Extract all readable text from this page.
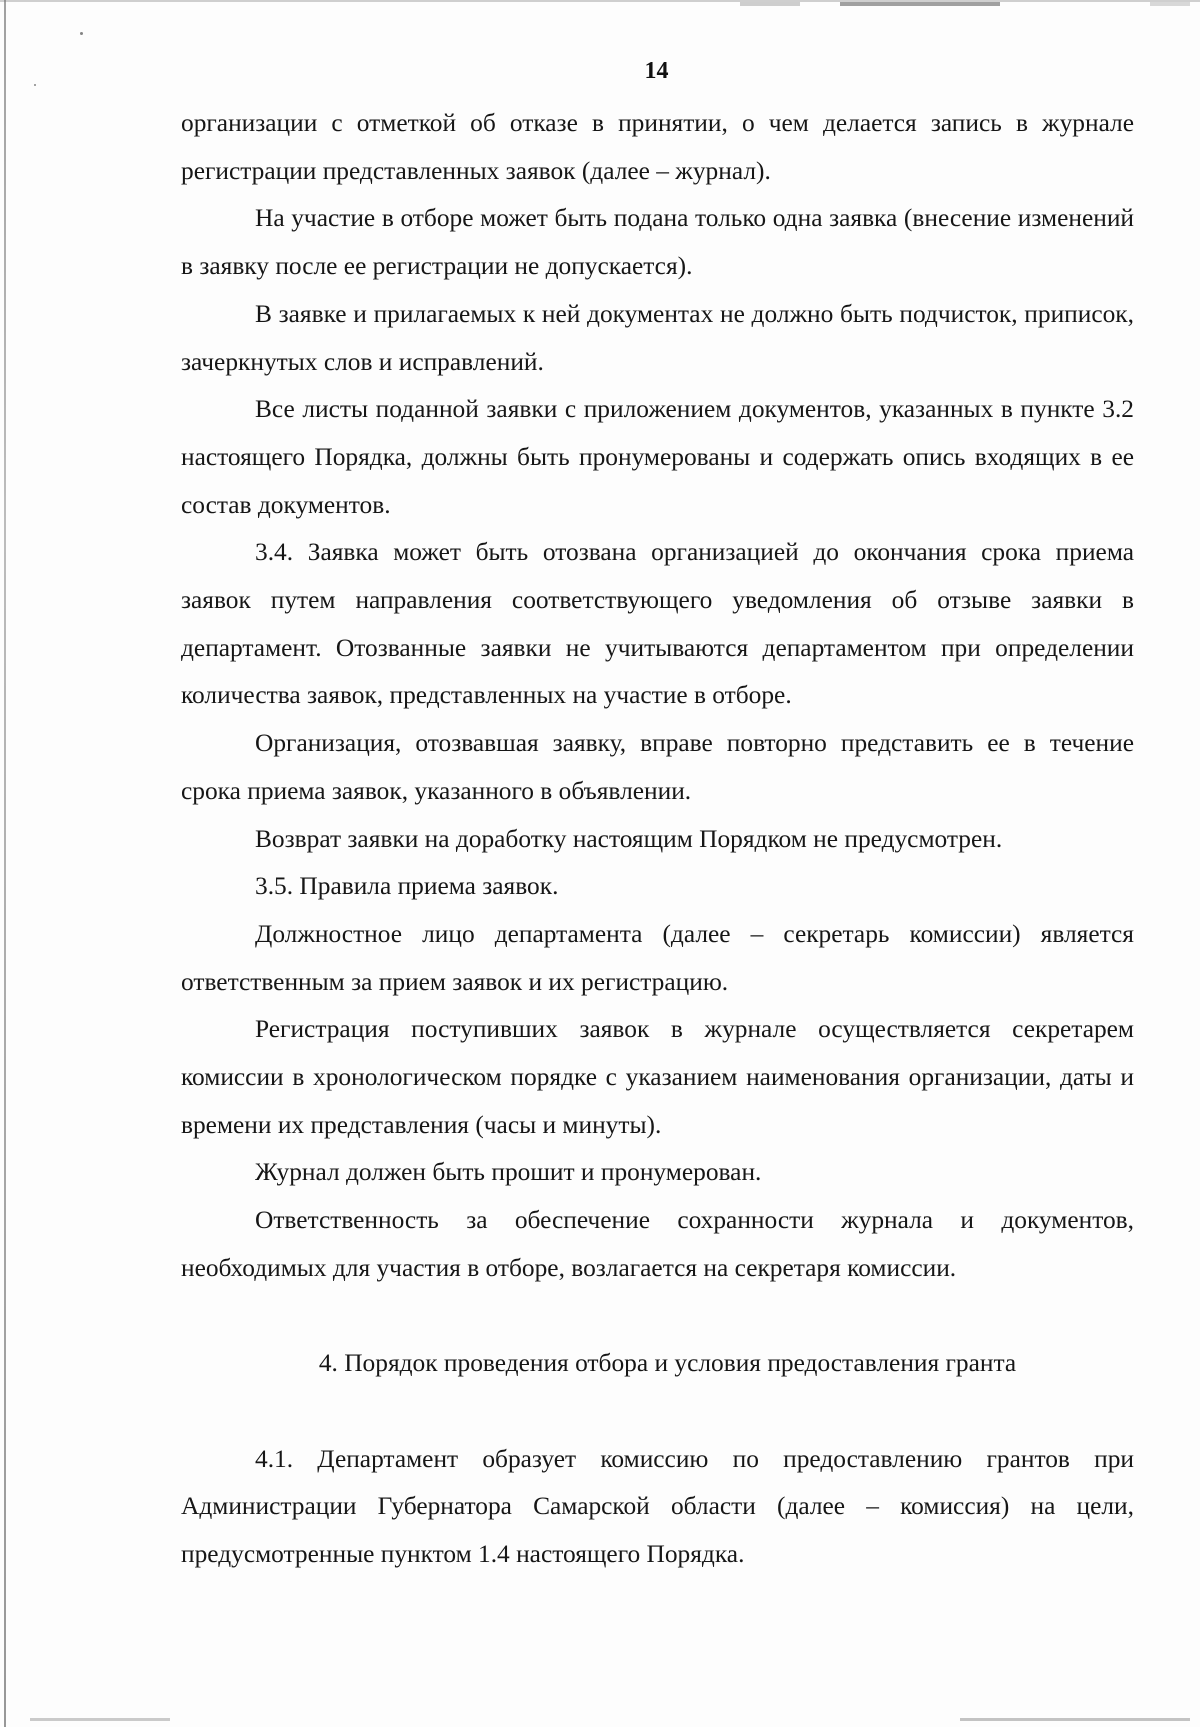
14

организации с отметкой об отказе в принятии, о чем делается запись в журнале регистрации представленных заявок (далее – журнал).

На участие в отборе может быть подана только одна заявка (внесение изменений в заявку после ее регистрации не допускается).

В заявке и прилагаемых к ней документах не должно быть подчисток, приписок, зачеркнутых слов и исправлений.

Все листы поданной заявки с приложением документов, указанных в пункте 3.2 настоящего Порядка, должны быть пронумерованы и содержать опись входящих в ее состав документов.

3.4. Заявка может быть отозвана организацией до окончания срока приема заявок путем направления соответствующего уведомления об отзыве заявки в департамент. Отозванные заявки не учитываются департаментом при определении количества заявок, представленных на участие в отборе.

Организация, отозвавшая заявку, вправе повторно представить ее в течение срока приема заявок, указанного в объявлении.

Возврат заявки на доработку настоящим Порядком не предусмотрен.

3.5. Правила приема заявок.

Должностное лицо департамента (далее – секретарь комиссии) является ответственным за прием заявок и их регистрацию.

Регистрация поступивших заявок в журнале осуществляется секретарем комиссии в хронологическом порядке с указанием наименования организации, даты и времени их представления (часы и минуты).

Журнал должен быть прошит и пронумерован.

Ответственность за обеспечение сохранности журнала и документов, необходимых для участия в отборе, возлагается на секретаря комиссии.

4. Порядок проведения отбора и условия предоставления гранта

4.1. Департамент образует комиссию по предоставлению грантов при Администрации Губернатора Самарской области (далее – комиссия) на цели, предусмотренные пунктом 1.4 настоящего Порядка.
